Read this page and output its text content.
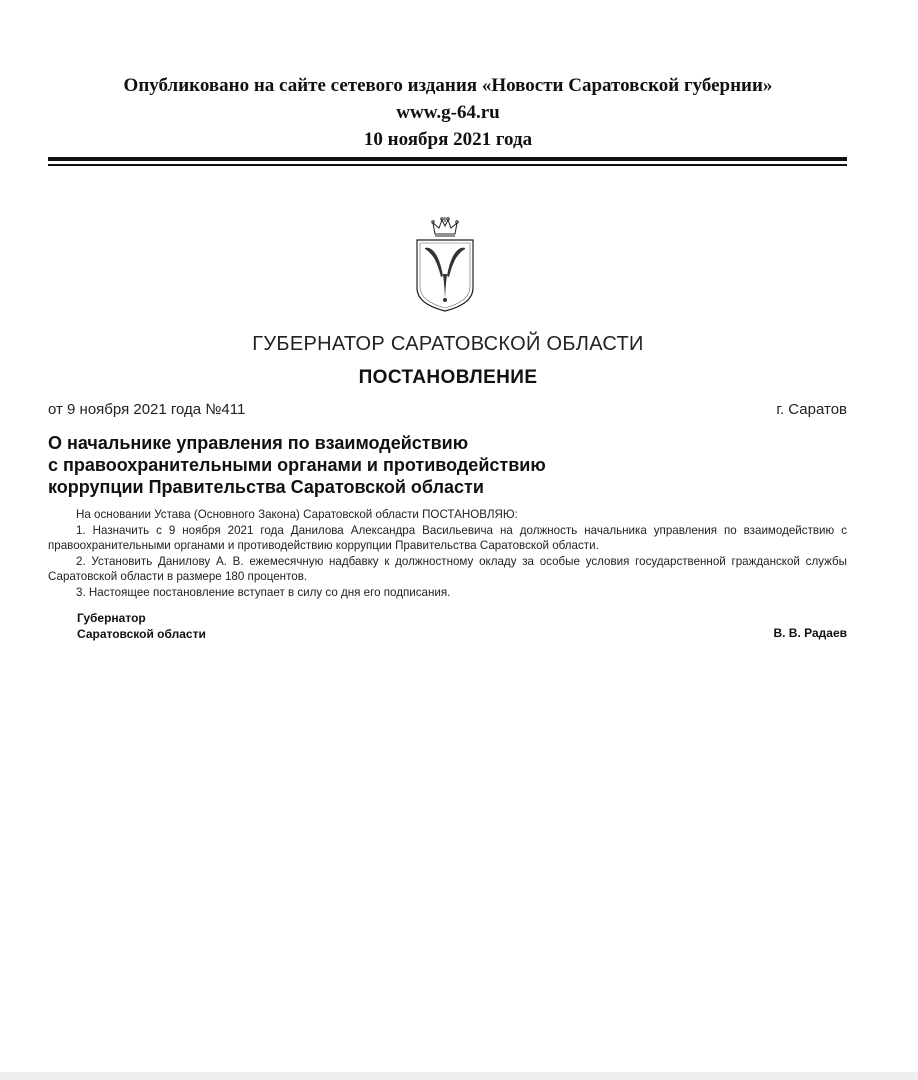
Опубликовано на сайте сетевого издания «Новости Саратовской губернии»
www.g-64.ru
10 ноября 2021 года
ГУБЕРНАТОР САРАТОВСКОЙ ОБЛАСТИ
ПОСТАНОВЛЕНИЕ
от 9 ноября 2021 года №411	г. Саратов
О начальнике управления по взаимодействию
с правоохранительными органами и противодействию
коррупции Правительства Саратовской области

На основании Устава (Основного Закона) Саратовской области ПОСТАНОВЛЯЮ:

1. Назначить с 9 ноября 2021 года Данилова Александра Васильевича на должность начальника управления по взаимодействию с правоохранительными органами и противодействию коррупции Правительства Саратовской области.

2. Установить Данилову А. В. ежемесячную надбавку к должностному окладу за особые условия государственной гражданской службы Саратовской области в размере 180 процентов.

3. Настоящее постановление вступает в силу со дня его подписания.

Губернатор
Саратовской области	В. В. Радаев
